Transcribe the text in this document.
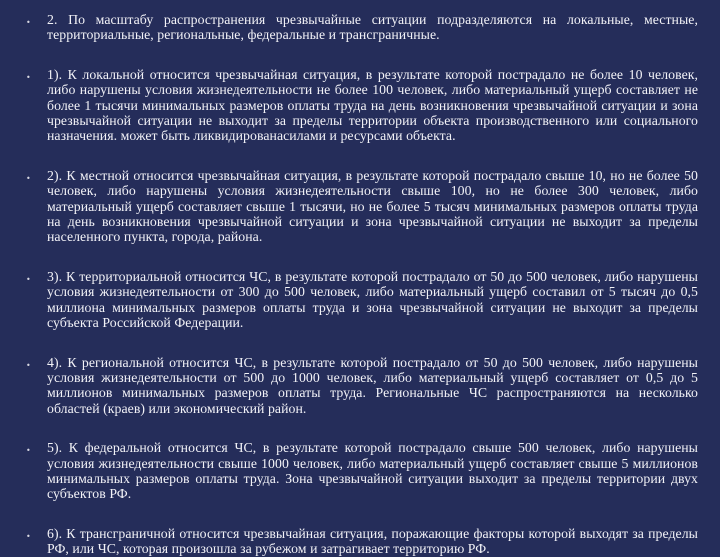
•	2. По масштабу распространения чрезвычайные ситуации подразделяются на локальные, местные, территориальные, региональные, федеральные и трансграничные.
•	1). К локальной относится чрезвычайная ситуация, в результате которой пострадало не более 10 человек, либо нарушены условия жизнедеятельности не более 100 человек, либо материальный ущерб составляет не более 1 тысячи минимальных размеров оплаты труда на день возникновения чрезвычайной ситуации и зона чрезвычайной ситуации не выходит за пределы территории объекта производственного или социального назначения. может быть ликвидированасилами и ресурсами объекта.
•	2). К местной относится чрезвычайная ситуация, в результате которой пострадало свыше 10, но не более 50 человек, либо нарушены условия жизнедеятельности свыше 100, но не более 300 человек, либо материальный ущерб составляет свыше 1 тысячи, но не более 5 тысяч минимальных размеров оплаты труда на день возникновения чрезвычайной ситуации и зона чрезвычайной ситуации не выходит за пределы населенного пункта, города, района.
•	3). К территориальной относится ЧС, в результате которой пострадало от 50 до 500 человек, либо нарушены условия жизнедеятельности от 300 до 500 человек, либо материальный ущерб составил от 5 тысяч до 0,5 миллиона минимальных размеров оплаты труда и зона чрезвычайной ситуации не выходит за пределы субъекта Российской Федерации.
•	4). К региональной относится ЧС, в результате которой пострадало от 50 до 500 человек, либо нарушены условия жизнедеятельности от 500 до 1000 человек, либо материальный ущерб составляет от 0,5 до 5 миллионов минимальных размеров оплаты труда. Региональные ЧС распространяются на несколько областей (краев) или экономический район.
•	5). К федеральной относится ЧС, в результате которой пострадало свыше 500 человек, либо нарушены условия жизнедеятельности свыше 1000 человек, либо материальный ущерб составляет свыше 5 миллионов минимальных размеров оплаты труда. Зона чрезвычайной ситуации выходит за пределы территории двух субъектов РФ.
•	6). К трансграничной относится чрезвычайная ситуация, поражающие факторы которой выходят за пределы РФ, или ЧС, которая произошла за рубежом и затрагивает территорию РФ.
